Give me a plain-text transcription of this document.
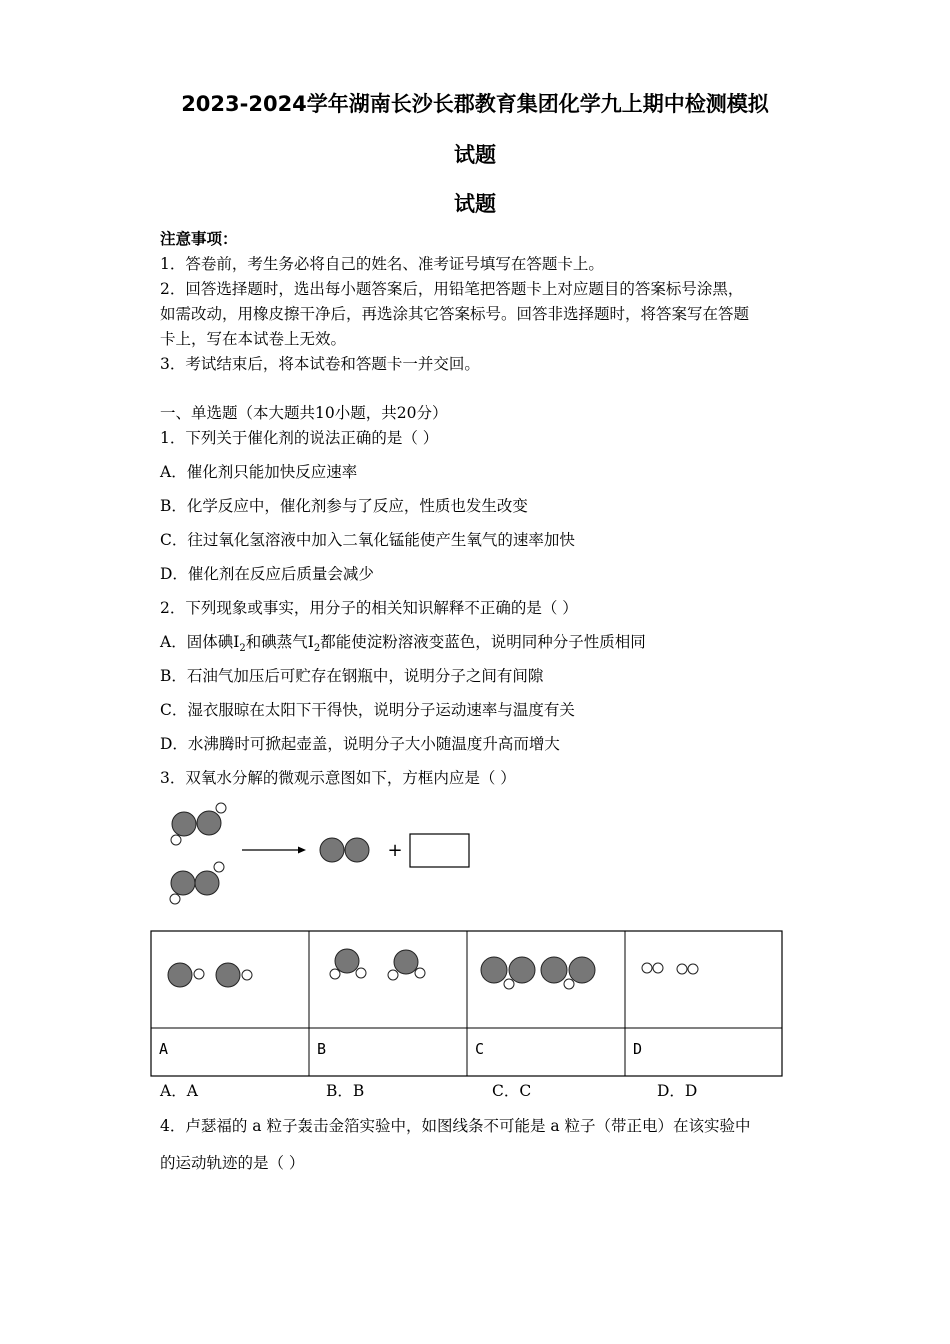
2023-2024学年湖南长沙长郡教育集团化学九上期中检测模拟
试题
试题
注意事项：
1．答卷前，考生务必将自己的姓名、准考证号填写在答题卡上。
2．回答选择题时，选出每小题答案后，用铅笔把答题卡上对应题目的答案标号涂黑，
如需改动，用橡皮擦干净后，再选涂其它答案标号。回答非选择题时，将答案写在答题
卡上，写在本试卷上无效。
3．考试结束后，将本试卷和答题卡一并交回。
一、单选题（本大题共10小题，共20分）
1．下列关于催化剂的说法正确的是（ ）
A．催化剂只能加快反应速率
B．化学反应中，催化剂参与了反应，性质也发生改变
C．往过氧化氢溶液中加入二氧化锰能使产生氧气的速率加快
D．催化剂在反应后质量会减少
2．下列现象或事实，用分子的相关知识解释不正确的是（ ）
A．固体碘$I_2$和碘蒸气$I_2$都能使淀粉溶液变蓝色，说明同种分子性质相同
B．石油气加压后可贮存在钢瓶中，说明分子之间有间隙
C．湿衣服晾在太阳下干得快，说明分子运动速率与温度有关
D．水沸腾时可掀起壶盖，说明分子大小随温度升高而增大
3．双氧水分解的微观示意图如下，方框内应是（ ）
+
A	B	C	D
A．A	B．B	C．C	D．D
4．卢瑟福的 a 粒子轰击金箔实验中，如图线条不可能是 a 粒子（带正电）在该实验中
的运动轨迹的是（ ）
